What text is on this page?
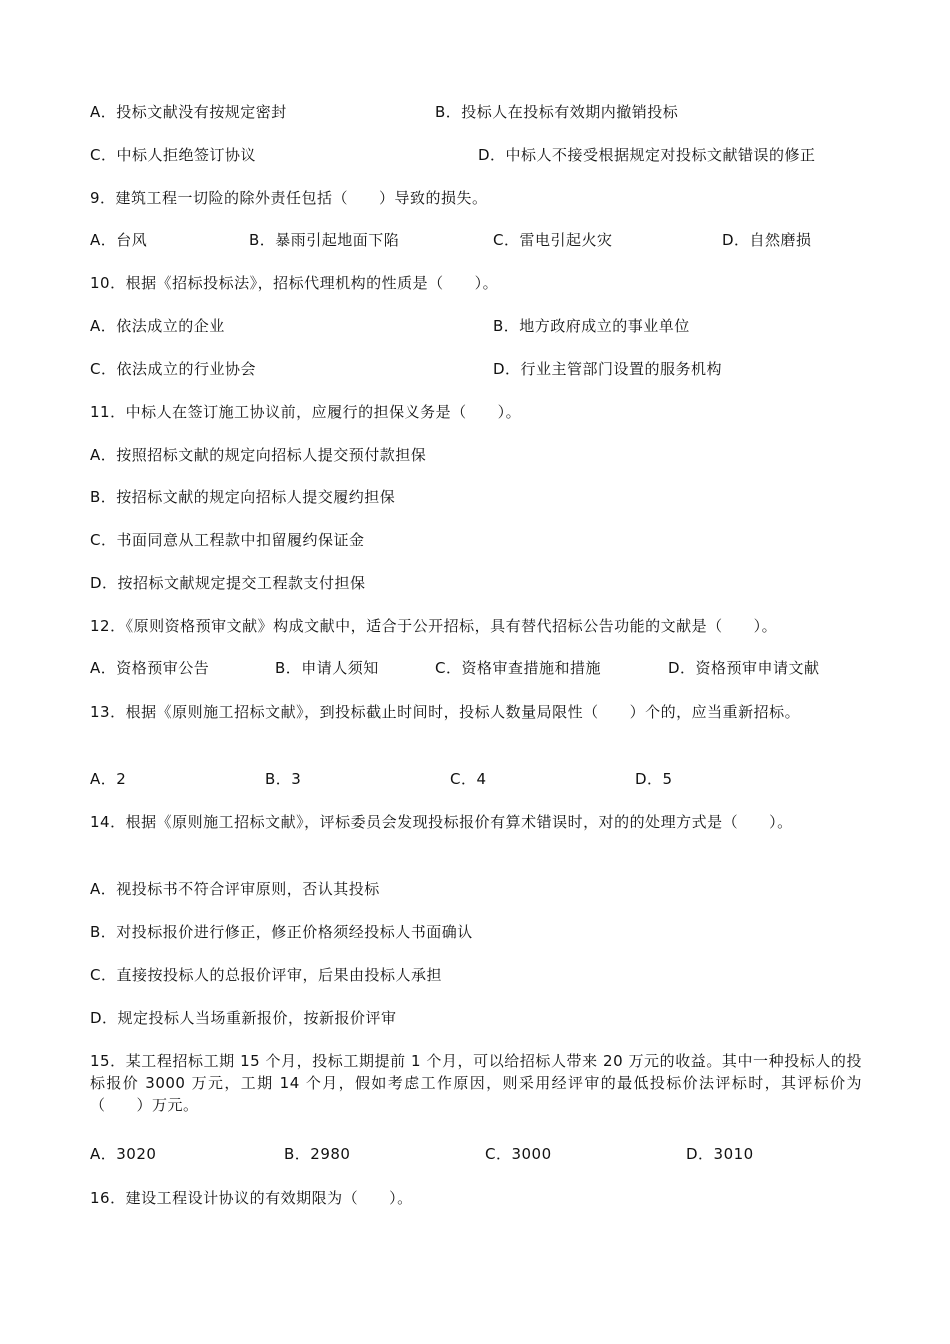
A．投标文献没有按规定密封	B．投标人在投标有效期内撤销投标
C．中标人拒绝签订协议	D．中标人不接受根据规定对投标文献错误的修正
9．建筑工程一切险的除外责任包括（　　）导致的损失。
A．台风	B．暴雨引起地面下陷	C．雷电引起火灾	D．自然磨损
10．根据《招标投标法》，招标代理机构的性质是（　　）。
A．依法成立的企业	B．地方政府成立的事业单位
C．依法成立的行业协会	D．行业主管部门设置的服务机构
11．中标人在签订施工协议前，应履行的担保义务是（　　）。
A．按照招标文献的规定向招标人提交预付款担保
B．按招标文献的规定向招标人提交履约担保
C．书面同意从工程款中扣留履约保证金
D．按招标文献规定提交工程款支付担保
12．《原则资格预审文献》构成文献中，适合于公开招标，具有替代招标公告功能的文献是（　　）。
A．资格预审公告	B．申请人须知	C．资格审查措施和措施	D．资格预审申请文献
13．根据《原则施工招标文献》，到投标截止时间时，投标人数量局限性（　　）个的，应当重新招标。
A．2	B．3	C．4	D．5
14．根据《原则施工招标文献》，评标委员会发现投标报价有算术错误时，对的的处理方式是（　　）。
A．视投标书不符合评审原则，否认其投标
B．对投标报价进行修正，修正价格须经投标人书面确认
C．直接按投标人的总报价评审，后果由投标人承担
D．规定投标人当场重新报价，按新报价评审
15．某工程招标工期 15 个月，投标工期提前 1 个月，可以给招标人带来 20 万元的收益。其中一种投标人的投标报价 3000 万元，工期 14 个月，假如考虑工作原因，则采用经评审的最低投标价法评标时，其评标价为（　　）万元。
A．3020	B．2980	C．3000	D．3010
16．建设工程设计协议的有效期限为（　　）。
